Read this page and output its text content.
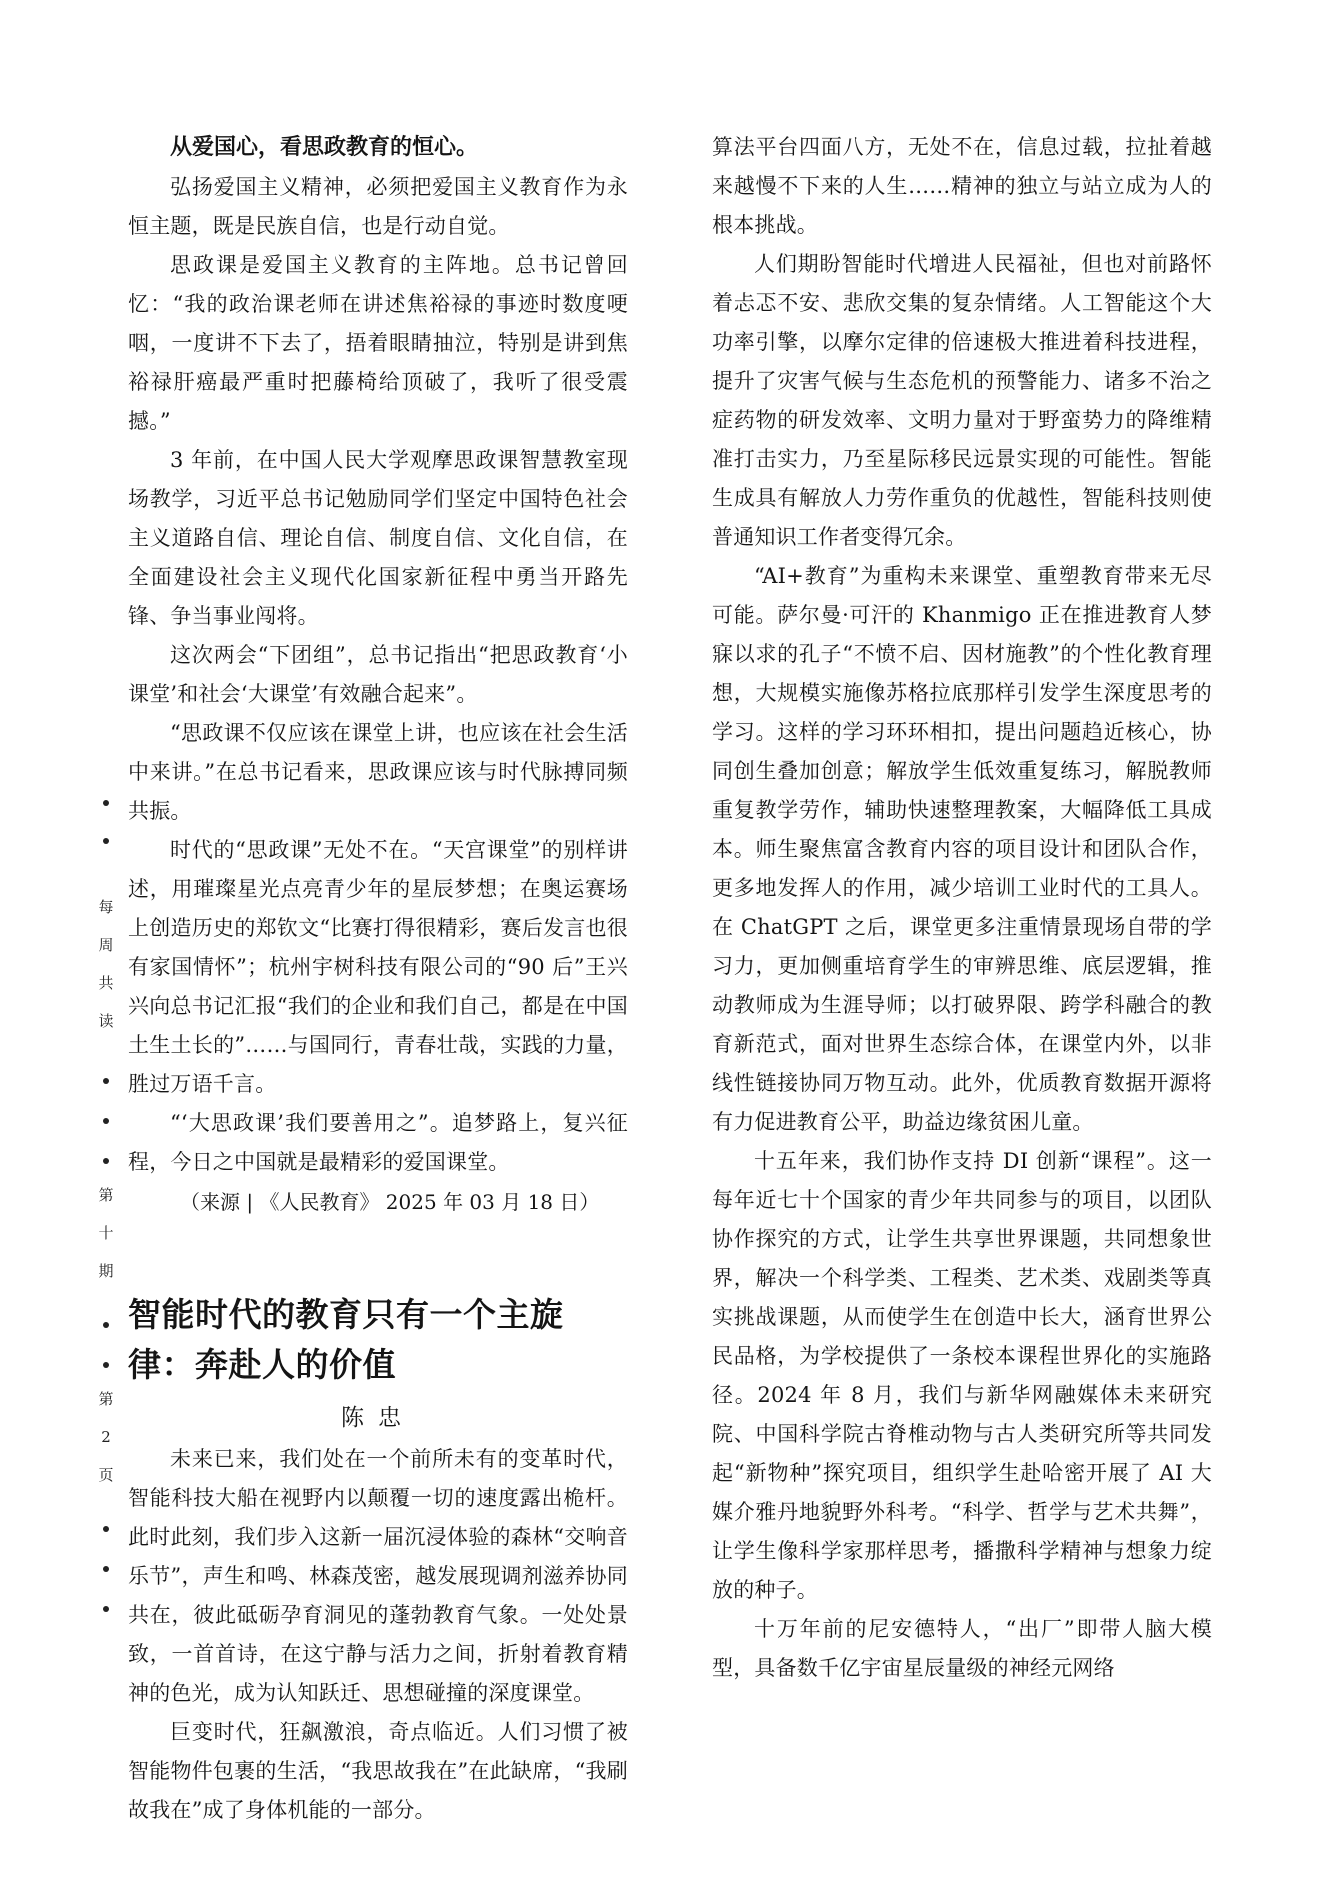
每
周
共
读
第
十
期
第
2
页
从爱国心，看思政教育的恒心。

弘扬爱国主义精神，必须把爱国主义教育作为永恒主题，既是民族自信，也是行动自觉。

思政课是爱国主义教育的主阵地。总书记曾回忆：“我的政治课老师在讲述焦裕禄的事迹时数度哽咽，一度讲不下去了，捂着眼睛抽泣，特别是讲到焦裕禄肝癌最严重时把藤椅给顶破了，我听了很受震撼。”

3 年前，在中国人民大学观摩思政课智慧教室现场教学，习近平总书记勉励同学们坚定中国特色社会主义道路自信、理论自信、制度自信、文化自信，在全面建设社会主义现代化国家新征程中勇当开路先锋、争当事业闯将。

这次两会“下团组”，总书记指出“把思政教育‘小课堂’和社会‘大课堂’有效融合起来”。

“思政课不仅应该在课堂上讲，也应该在社会生活中来讲。”在总书记看来，思政课应该与时代脉搏同频共振。

时代的“思政课”无处不在。“天宫课堂”的别样讲述，用璀璨星光点亮青少年的星辰梦想；在奥运赛场上创造历史的郑钦文“比赛打得很精彩，赛后发言也很有家国情怀”；杭州宇树科技有限公司的“90 后”王兴兴向总书记汇报“我们的企业和我们自己，都是在中国土生土长的”……与国同行，青春壮哉，实践的力量，胜过万语千言。

“‘大思政课’我们要善用之”。追梦路上，复兴征程，今日之中国就是最精彩的爱国课堂。

（来源 | 《人民教育》 2025 年 03 月 18 日）

智能时代的教育只有一个主旋律：奔赴人的价值

陈忠

未来已来，我们处在一个前所未有的变革时代，智能科技大船在视野内以颠覆一切的速度露出桅杆。此时此刻，我们步入这新一届沉浸体验的森林“交响音乐节”，声生和鸣、林森茂密，越发展现调剂滋养协同共在，彼此砥砺孕育洞见的蓬勃教育气象。一处处景致，一首首诗，在这宁静与活力之间，折射着教育精神的色光，成为认知跃迁、思想碰撞的深度课堂。

巨变时代，狂飙激浪，奇点临近。人们习惯了被智能物件包裹的生活，“我思故我在”在此缺席，“我刷故我在”成了身体机能的一部分。

算法平台四面八方，无处不在，信息过载，拉扯着越来越慢不下来的人生……精神的独立与站立成为人的根本挑战。

人们期盼智能时代增进人民福祉，但也对前路怀着忐忑不安、悲欣交集的复杂情绪。人工智能这个大功率引擎，以摩尔定律的倍速极大推进着科技进程，提升了灾害气候与生态危机的预警能力、诸多不治之症药物的研发效率、文明力量对于野蛮势力的降维精准打击实力，乃至星际移民远景实现的可能性。智能生成具有解放人力劳作重负的优越性，智能科技则使普通知识工作者变得冗余。

“AI+教育”为重构未来课堂、重塑教育带来无尽可能。萨尔曼·可汗的 Khanmigo 正在推进教育人梦寐以求的孔子“不愤不启、因材施教”的个性化教育理想，大规模实施像苏格拉底那样引发学生深度思考的学习。这样的学习环环相扣，提出问题趋近核心，协同创生叠加创意；解放学生低效重复练习，解脱教师重复教学劳作，辅助快速整理教案，大幅降低工具成本。师生聚焦富含教育内容的项目设计和团队合作，更多地发挥人的作用，减少培训工业时代的工具人。在 ChatGPT 之后，课堂更多注重情景现场自带的学习力，更加侧重培育学生的审辨思维、底层逻辑，推动教师成为生涯导师；以打破界限、跨学科融合的教育新范式，面对世界生态综合体，在课堂内外，以非线性链接协同万物互动。此外，优质教育数据开源将有力促进教育公平，助益边缘贫困儿童。

十五年来，我们协作支持 DI 创新“课程”。这一每年近七十个国家的青少年共同参与的项目，以团队协作探究的方式，让学生共享世界课题，共同想象世界，解决一个科学类、工程类、艺术类、戏剧类等真实挑战课题，从而使学生在创造中长大，涵育世界公民品格，为学校提供了一条校本课程世界化的实施路径。2024 年 8 月，我们与新华网融媒体未来研究院、中国科学院古脊椎动物与古人类研究所等共同发起“新物种”探究项目，组织学生赴哈密开展了 AI 大媒介雅丹地貌野外科考。“科学、哲学与艺术共舞”，让学生像科学家那样思考，播撒科学精神与想象力绽放的种子。

十万年前的尼安德特人，“出厂”即带人脑大模型，具备数千亿宇宙星辰量级的神经元网络
